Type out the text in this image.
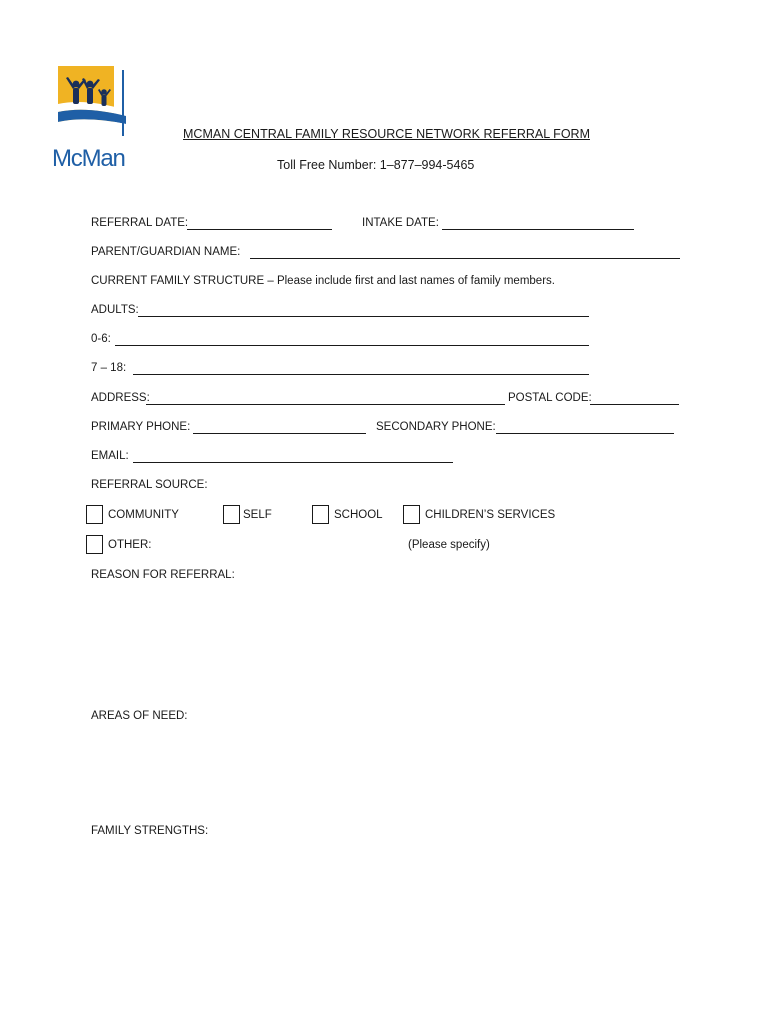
McMan
MCMAN CENTRAL FAMILY RESOURCE NETWORK REFERRAL FORM
Toll Free Number: 1–877–994-5465
REFERRAL DATE:	INTAKE DATE:
PARENT/GUARDIAN NAME:
CURRENT FAMILY STRUCTURE – Please include first and last names of family members.
ADULTS:
0-6:
7 – 18:
ADDRESS:	POSTAL CODE:
PRIMARY PHONE:	SECONDARY PHONE:
EMAIL:
REFERRAL SOURCE:
COMMUNITY	SELF	SCHOOL	CHILDREN’S SERVICES
OTHER:	(Please specify)
REASON FOR REFERRAL:
AREAS OF NEED:
FAMILY STRENGTHS:
